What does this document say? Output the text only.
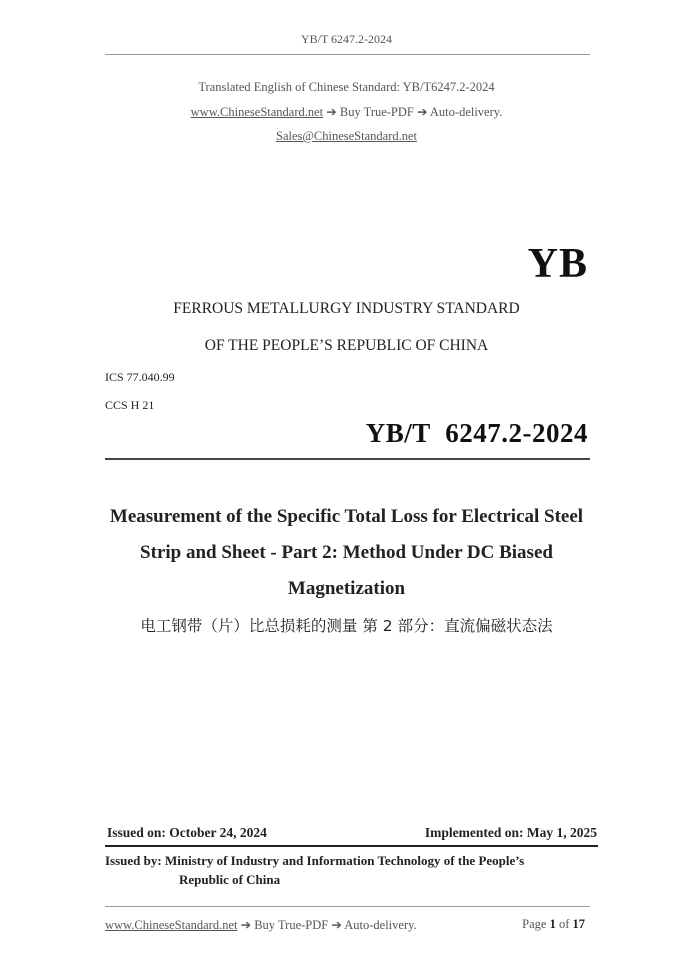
YB/T 6247.2-2024
Translated English of Chinese Standard: YB/T6247.2-2024
www.ChineseStandard.net ➔ Buy True-PDF ➔ Auto-delivery.
Sales@ChineseStandard.net
YB
FERROUS METALLURGY INDUSTRY STANDARD
OF THE PEOPLE’S REPUBLIC OF CHINA
ICS 77.040.99
CCS H 21
YB/T  6247.2-2024
Measurement of the Specific Total Loss for Electrical Steel
Strip and Sheet - Part 2: Method Under DC Biased
Magnetization
电工钢带（片）比总损耗的测量 第 2 部分：直流偏磁状态法
Issued on: October 24, 2024	Implemented on: May 1, 2025
Issued by: Ministry of Industry and Information Technology of the People’s
Republic of China
www.ChineseStandard.net ➔ Buy True-PDF ➔ Auto-delivery.	Page 1 of 17
